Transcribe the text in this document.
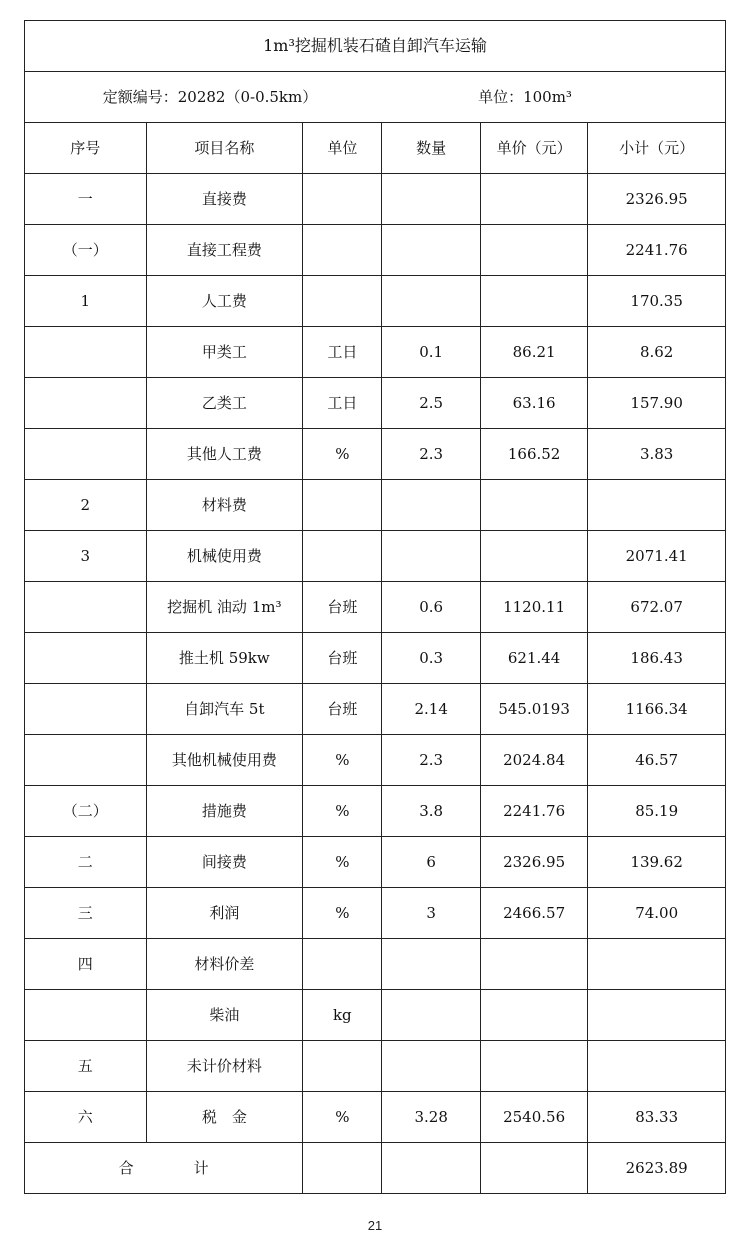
1m³挖掘机装石碴自卸汽车运输					

定额编号：20282（0-0.5km） 单位：100m³					

序号	项目名称	单位	数量	单价（元）	小计（元）
一	直接费				2326.95
（一）	直接工程费				2241.76
1	人工费				170.35
	甲类工	工日	0.1	86.21	8.62
	乙类工	工日	2.5	63.16	157.90
	其他人工费	%	2.3	166.52	3.83
2	材料费				
3	机械使用费				2071.41
	挖掘机 油动 1m³	台班	0.6	1120.11	672.07
	推土机 59kw	台班	0.3	621.44	186.43
	自卸汽车 5t	台班	2.14	545.0193	1166.34
	其他机械使用费	%	2.3	2024.84	46.57
（二）	措施费	%	3.8	2241.76	85.19
二	间接费	%	6	2326.95	139.62
三	利润	%	3	2466.57	74.00
四	材料价差				
	柴油	kg			
五	未计价材料				
六	税　金	%	3.28	2540.56	83.33
合 计					2623.89
21
